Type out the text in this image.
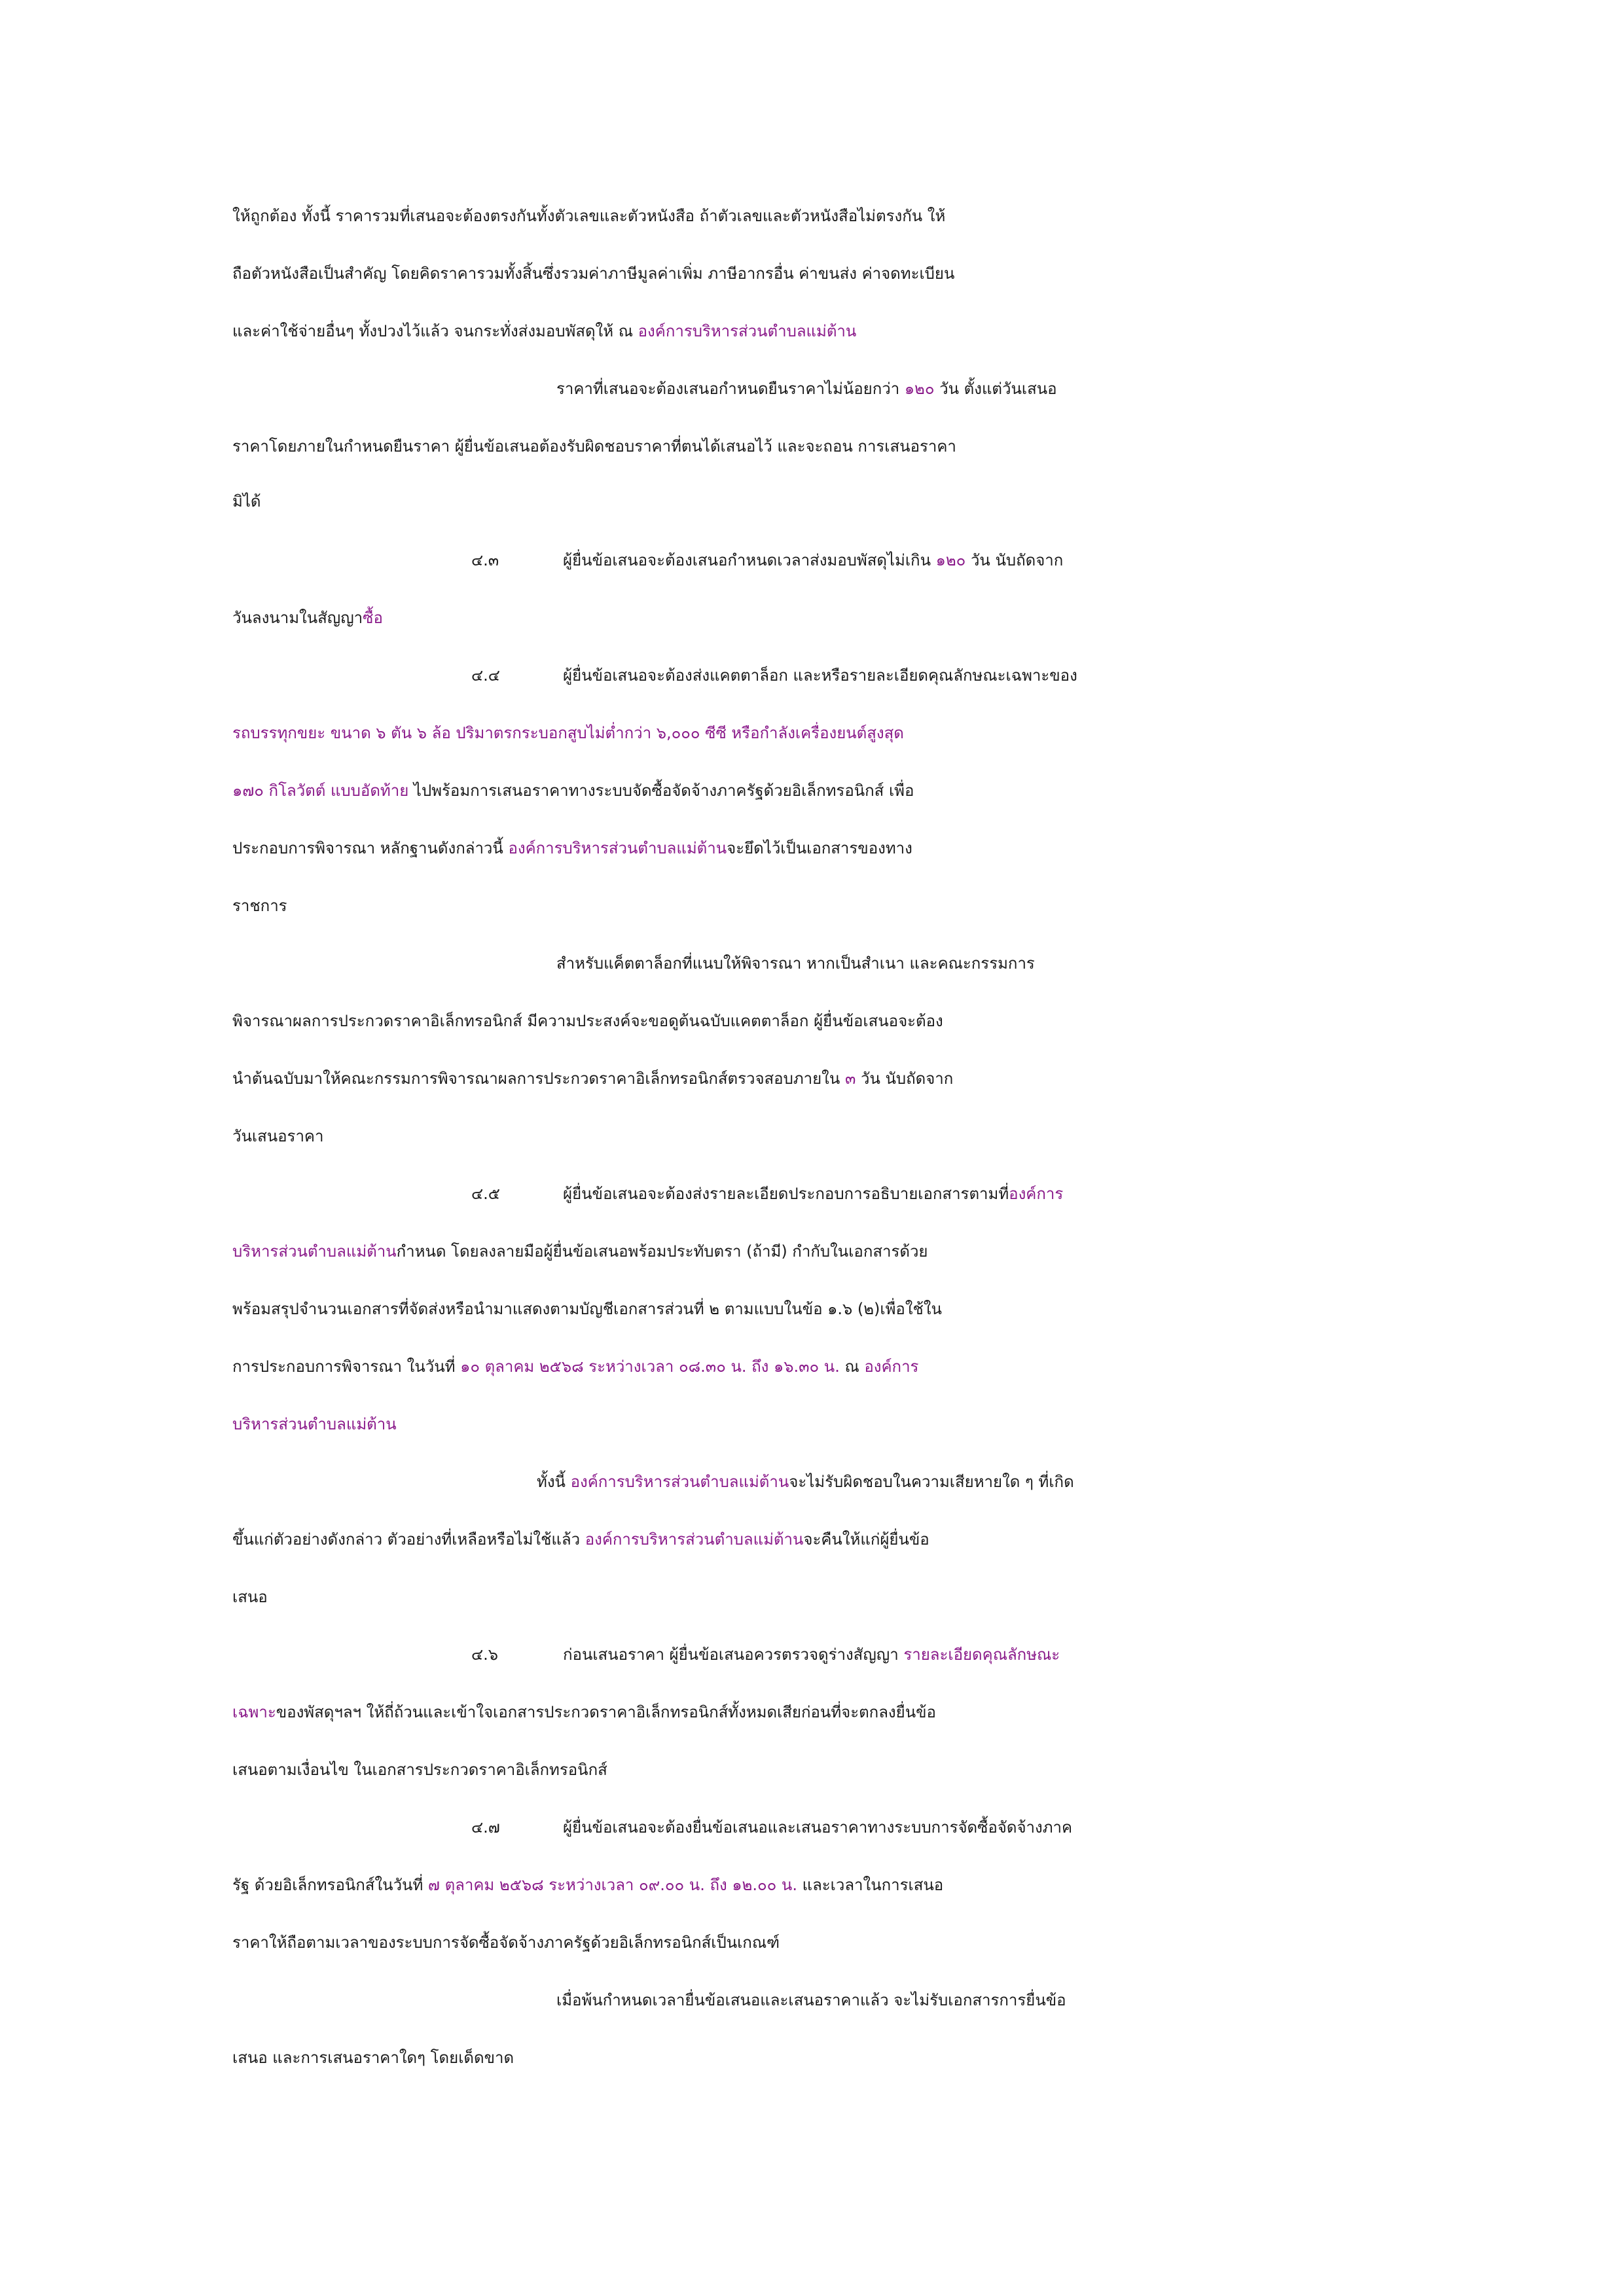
ให้ถูกต้อง ทั้งนี้ ราคารวมที่เสนอจะต้องตรงกันทั้งตัวเลขและตัวหนังสือ ถ้าตัวเลขและตัวหนังสือไม่ตรงกัน ให้
ถือตัวหนังสือเป็นสำคัญ โดยคิดราคารวมทั้งสิ้นซึ่งรวมค่าภาษีมูลค่าเพิ่ม ภาษีอากรอื่น ค่าขนส่ง ค่าจดทะเบียน
และค่าใช้จ่ายอื่นๆ ทั้งปวงไว้แล้ว จนกระทั่งส่งมอบพัสดุให้ ณ องค์การบริหารส่วนตำบลแม่ต้าน
ราคาที่เสนอจะต้องเสนอกำหนดยืนราคาไม่น้อยกว่า ๑๒๐ วัน ตั้งแต่วันเสนอ
ราคาโดยภายในกำหนดยืนราคา ผู้ยื่นข้อเสนอต้องรับผิดชอบราคาที่ตนได้เสนอไว้ และจะถอน การเสนอราคา
มิได้
๔.๓	ผู้ยื่นข้อเสนอจะต้องเสนอกำหนดเวลาส่งมอบพัสดุไม่เกิน ๑๒๐ วัน นับถัดจาก
วันลงนามในสัญญาซื้อ
๔.๔	ผู้ยื่นข้อเสนอจะต้องส่งแคตตาล็อก และหรือรายละเอียดคุณลักษณะเฉพาะของ
รถบรรทุกขยะ ขนาด ๖ ตัน ๖ ล้อ ปริมาตรกระบอกสูบไม่ต่ำกว่า ๖,๐๐๐ ซีซี หรือกำลังเครื่องยนต์สูงสุด
๑๗๐ กิโลวัตต์ แบบอัดท้าย ไปพร้อมการเสนอราคาทางระบบจัดซื้อจัดจ้างภาครัฐด้วยอิเล็กทรอนิกส์ เพื่อ
ประกอบการพิจารณา หลักฐานดังกล่าวนี้ องค์การบริหารส่วนตำบลแม่ต้านจะยึดไว้เป็นเอกสารของทาง
ราชการ
สำหรับแค็ตตาล็อกที่แนบให้พิจารณา หากเป็นสำเนา และคณะกรรมการ
พิจารณาผลการประกวดราคาอิเล็กทรอนิกส์ มีความประสงค์จะขอดูต้นฉบับแคตตาล็อก ผู้ยื่นข้อเสนอจะต้อง
นำต้นฉบับมาให้คณะกรรมการพิจารณาผลการประกวดราคาอิเล็กทรอนิกส์ตรวจสอบภายใน ๓ วัน นับถัดจาก
วันเสนอราคา
๔.๕	ผู้ยื่นข้อเสนอจะต้องส่งรายละเอียดประกอบการอธิบายเอกสารตามที่องค์การ
บริหารส่วนตำบลแม่ต้านกำหนด โดยลงลายมือผู้ยื่นข้อเสนอพร้อมประทับตรา (ถ้ามี) กำกับในเอกสารด้วย
พร้อมสรุปจำนวนเอกสารที่จัดส่งหรือนำมาแสดงตามบัญชีเอกสารส่วนที่ ๒ ตามแบบในข้อ ๑.๖ (๒)เพื่อใช้ใน
การประกอบการพิจารณา ในวันที่ ๑๐ ตุลาคม ๒๕๖๘ ระหว่างเวลา ๐๘.๓๐ น. ถึง ๑๖.๓๐ น. ณ องค์การ
บริหารส่วนตำบลแม่ต้าน
ทั้งนี้ องค์การบริหารส่วนตำบลแม่ต้านจะไม่รับผิดชอบในความเสียหายใด ๆ ที่เกิด
ขึ้นแก่ตัวอย่างดังกล่าว ตัวอย่างที่เหลือหรือไม่ใช้แล้ว องค์การบริหารส่วนตำบลแม่ต้านจะคืนให้แก่ผู้ยื่นข้อ
เสนอ
๔.๖	ก่อนเสนอราคา ผู้ยื่นข้อเสนอควรตรวจดูร่างสัญญา รายละเอียดคุณลักษณะ
เฉพาะของพัสดุฯลฯ ให้ถี่ถ้วนและเข้าใจเอกสารประกวดราคาอิเล็กทรอนิกส์ทั้งหมดเสียก่อนที่จะตกลงยื่นข้อ
เสนอตามเงื่อนไข ในเอกสารประกวดราคาอิเล็กทรอนิกส์
๔.๗	ผู้ยื่นข้อเสนอจะต้องยื่นข้อเสนอและเสนอราคาทางระบบการจัดซื้อจัดจ้างภาค
รัฐ ด้วยอิเล็กทรอนิกส์ในวันที่ ๗ ตุลาคม ๒๕๖๘ ระหว่างเวลา ๐๙.๐๐ น. ถึง ๑๒.๐๐ น. และเวลาในการเสนอ
ราคาให้ถือตามเวลาของระบบการจัดซื้อจัดจ้างภาครัฐด้วยอิเล็กทรอนิกส์เป็นเกณฑ์
เมื่อพ้นกำหนดเวลายื่นข้อเสนอและเสนอราคาแล้ว จะไม่รับเอกสารการยื่นข้อ
เสนอ และการเสนอราคาใดๆ โดยเด็ดขาด
